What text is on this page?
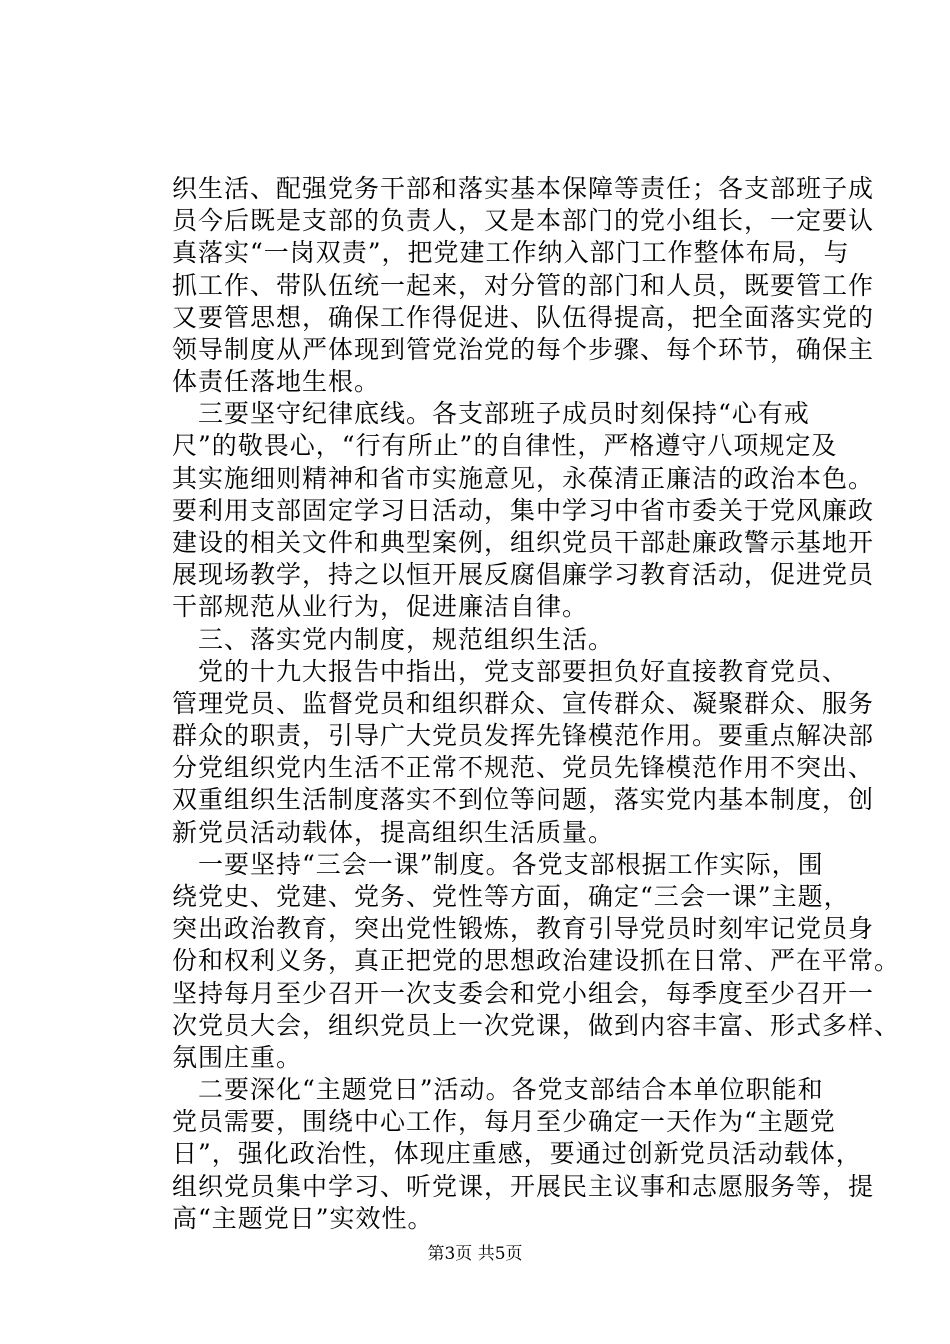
织生活、配强党务干部和落实基本保障等责任；各支部班子成
员今后既是支部的负责人，又是本部门的党小组长，一定要认
真落实“一岗双责”，把党建工作纳入部门工作整体布局，与
抓工作、带队伍统一起来，对分管的部门和人员，既要管工作
又要管思想，确保工作得促进、队伍得提高，把全面落实党的
领导制度从严体现到管党治党的每个步骤、每个环节，确保主
体责任落地生根。
　三要坚守纪律底线。各支部班子成员时刻保持“心有戒
尺”的敬畏心，“行有所止”的自律性，严格遵守八项规定及
其实施细则精神和省市实施意见，永葆清正廉洁的政治本色。
要利用支部固定学习日活动，集中学习中省市委关于党风廉政
建设的相关文件和典型案例，组织党员干部赴廉政警示基地开
展现场教学，持之以恒开展反腐倡廉学习教育活动，促进党员
干部规范从业行为，促进廉洁自律。
　三、落实党内制度，规范组织生活。
　党的十九大报告中指出，党支部要担负好直接教育党员、
管理党员、监督党员和组织群众、宣传群众、凝聚群众、服务
群众的职责，引导广大党员发挥先锋模范作用。要重点解决部
分党组织党内生活不正常不规范、党员先锋模范作用不突出、
双重组织生活制度落实不到位等问题，落实党内基本制度，创
新党员活动载体，提高组织生活质量。
　一要坚持“三会一课”制度。各党支部根据工作实际，围
绕党史、党建、党务、党性等方面，确定“三会一课”主题，
突出政治教育，突出党性锻炼，教育引导党员时刻牢记党员身
份和权利义务，真正把党的思想政治建设抓在日常、严在平常。
坚持每月至少召开一次支委会和党小组会，每季度至少召开一
次党员大会，组织党员上一次党课，做到内容丰富、形式多样、
氛围庄重。
　二要深化“主题党日”活动。各党支部结合本单位职能和
党员需要，围绕中心工作，每月至少确定一天作为“主题党
日”，强化政治性，体现庄重感，要通过创新党员活动载体，
组织党员集中学习、听党课，开展民主议事和志愿服务等，提
高“主题党日”实效性。
第3页 共5页
